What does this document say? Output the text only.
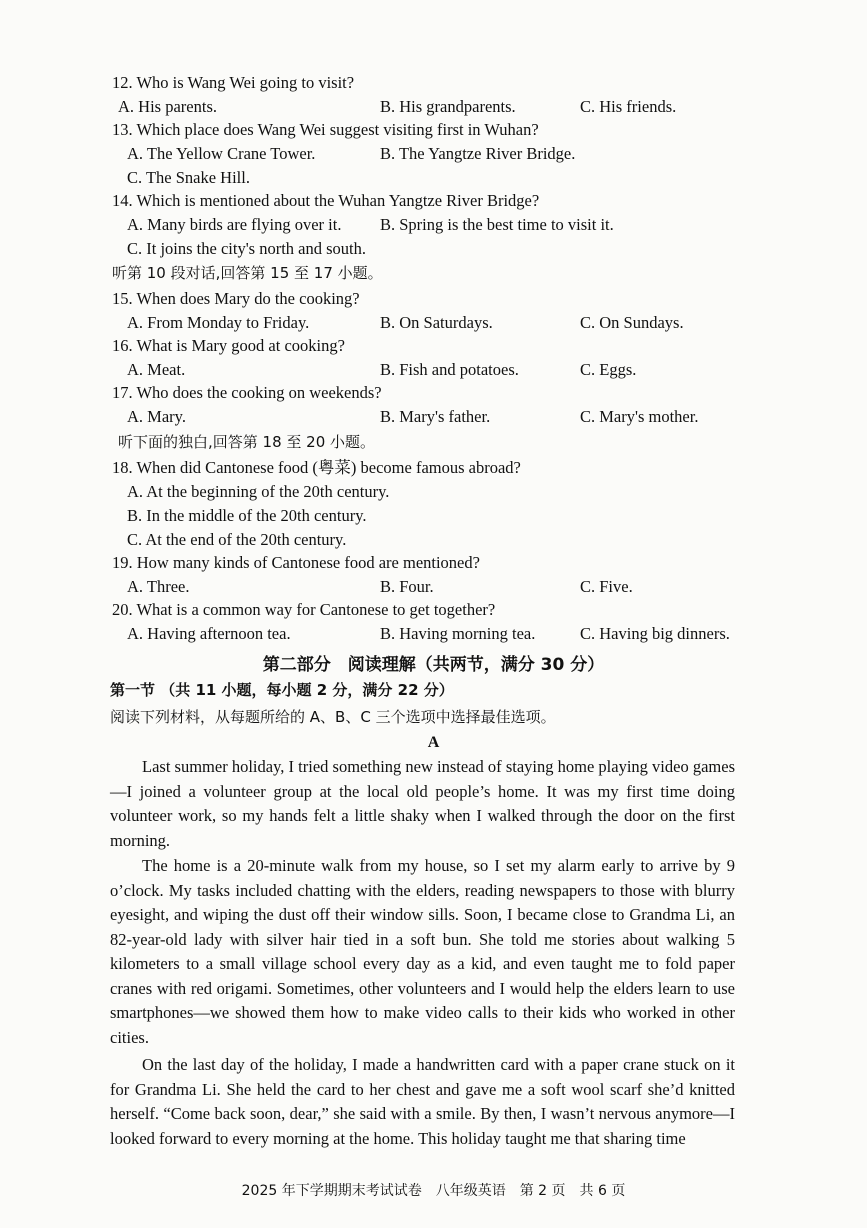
12. Who is Wang Wei going to visit?
A. His parents.	B. His grandparents.	C. His friends.
13. Which place does Wang Wei suggest visiting first in Wuhan?
A. The Yellow Crane Tower.	B. The Yangtze River Bridge.
C. The Snake Hill.
14. Which is mentioned about the Wuhan Yangtze River Bridge?
A. Many birds are flying over it. B. Spring is the best time to visit it.
C. It joins the city's north and south.
听第 10 段对话,回答第 15 至 17 小题。
15. When does Mary do the cooking?
A. From Monday to Friday.	B. On Saturdays.	C. On Sundays.
16. What is Mary good at cooking?
A. Meat.	B. Fish and potatoes.	C. Eggs.
17. Who does the cooking on weekends?
A. Mary.	B. Mary's father.	C. Mary's mother.
听下面的独白,回答第 18 至 20 小题。
18. When did Cantonese food (粤菜) become famous abroad?
A. At the beginning of the 20th century.
B. In the middle of the 20th century.
C. At the end of the 20th century.
19. How many kinds of Cantonese food are mentioned?
A. Three.	B. Four.	C. Five.
20. What is a common way for Cantonese to get together?
A. Having afternoon tea.	B. Having morning tea.	C. Having big dinners.
第二部分　阅读理解（共两节，满分 30 分）
第一节 （共 11 小题，每小题 2 分，满分 22 分）
阅读下列材料，从每题所给的 A、B、C 三个选项中选择最佳选项。
A
Last summer holiday, I tried something new instead of staying home playing video games—I joined a volunteer group at the local old people’s home. It was my first time doing volunteer work, so my hands felt a little shaky when I walked through the door on the first morning.
The home is a 20-minute walk from my house, so I set my alarm early to arrive by 9 o’clock. My tasks included chatting with the elders, reading newspapers to those with blurry eyesight, and wiping the dust off their window sills. Soon, I became close to Grandma Li, an 82-year-old lady with silver hair tied in a soft bun. She told me stories about walking 5 kilometers to a small village school every day as a kid, and even taught me to fold paper cranes with red origami. Sometimes, other volunteers and I would help the elders learn to use smartphones—we showed them how to make video calls to their kids who worked in other cities.
On the last day of the holiday, I made a handwritten card with a paper crane stuck on it for Grandma Li. She held the card to her chest and gave me a soft wool scarf she’d knitted herself. “Come back soon, dear,” she said with a smile. By then, I wasn’t nervous anymore—I looked forward to every morning at the home. This holiday taught me that sharing time
2025 年下学期期末考试试卷　八年级英语　第 2 页　共 6 页
